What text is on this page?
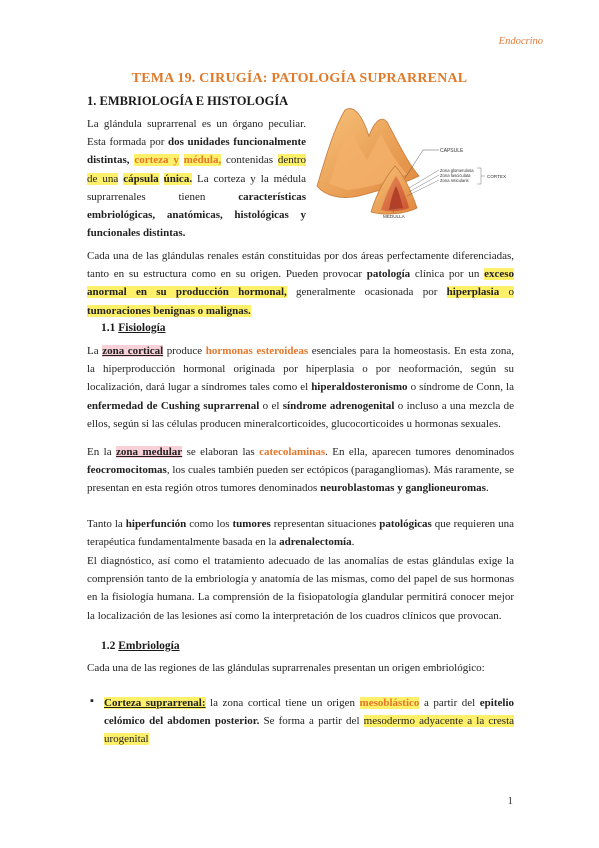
Endocrino
TEMA 19. CIRUGÍA: PATOLOGÍA SUPRARRENAL
1. EMBRIOLOGÍA E HISTOLOGÍA
La glándula suprarrenal es un órgano peculiar. Esta formada por dos unidades funcionalmente distintas, corteza y médula, contenidas dentro de una cápsula única. La corteza y la médula suprarrenales	tienen características embriológicas, anatómicas, histológicas y funcionales distintas.
CAPSULE
Zona glomerulosa
Zona fasciculata
Zona reticularis
CORTEX
MEDULLA
Cada una de las glándulas renales están constituidas por dos áreas perfectamente diferenciadas, tanto en su estructura como en su origen. Pueden provocar patología clínica por un exceso anormal en su producción hormonal, generalmente ocasionada por hiperplasia o tumoraciones benignas o malignas.
1.1 Fisiología
La zona cortical produce hormonas esteroideas esenciales para la homeostasis. En esta zona, la hiperproducción hormonal originada por hiperplasia o por neoformación, según su localización, dará lugar a síndromes tales como el hiperaldosteronismo o síndrome de Conn, la enfermedad de Cushing suprarrenal o el síndrome adrenogenital o incluso a una mezcla de ellos, según si las células producen mineralcorticoides, glucocorticoides u hormonas sexuales.
En la zona medular se elaboran las catecolaminas. En ella, aparecen tumores denominados feocromocitomas, los cuales también pueden ser ectópicos (paragangliomas). Más raramente, se presentan en esta región otros tumores denominados neuroblastomas y ganglioneuromas.
Tanto la hiperfunción como los tumores representan situaciones patológicas que requieren una terapéutica fundamentalmente basada en la adrenalectomía.
El diagnóstico, así como el tratamiento adecuado de las anomalías de estas glándulas exige la comprensión tanto de la embriología y anatomía de las mismas, como del papel de sus hormonas en la fisiología humana. La comprensión de la fisiopatología glandular permitirá conocer mejor la localización de las lesiones así como la interpretación de los cuadros clínicos que provocan.
1.2 Embriología
Cada una de las regiones de las glándulas suprarrenales presentan un origen embriológico:
▪ Corteza suprarrenal: la zona cortical tiene un origen mesoblástico a partir del epitelio celómico del abdomen posterior. Se forma a partir del mesodermo adyacente a la cresta urogenital
1
